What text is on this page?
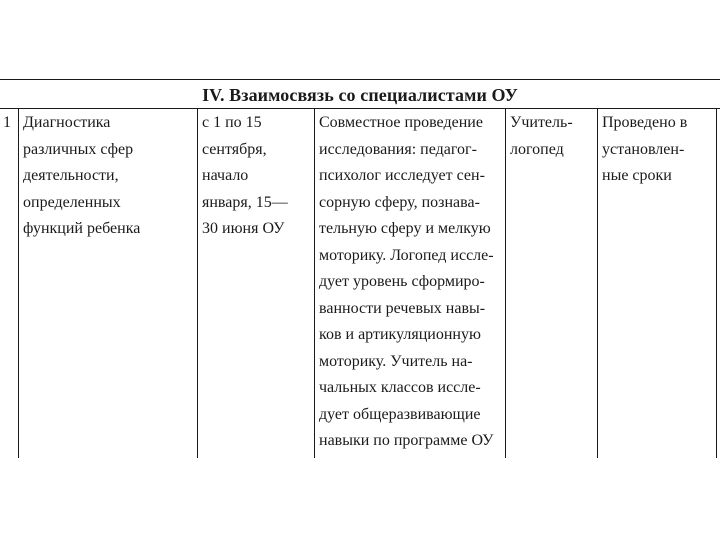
IV. Взаимосвязь со специалистами ОУ
1 Диагностика
различных сфер
деятельности,
определенных
функций ребенка
с 1 по 15
сентября,
начало
января, 15—
30 июня ОУ
Совместное проведение
исследования: педагог-
психолог исследует сен-
сорную сферу, познава-
тельную сферу и мелкую
моторику. Логопед иссле-
дует уровень сформиро-
ванности речевых навы-
ков и артикуляционную
моторику. Учитель на-
чальных классов иссле-
дует общеразвивающие
навыки по программе ОУ
Учитель-
логопед
Проведено в
установлен-
ные сроки
